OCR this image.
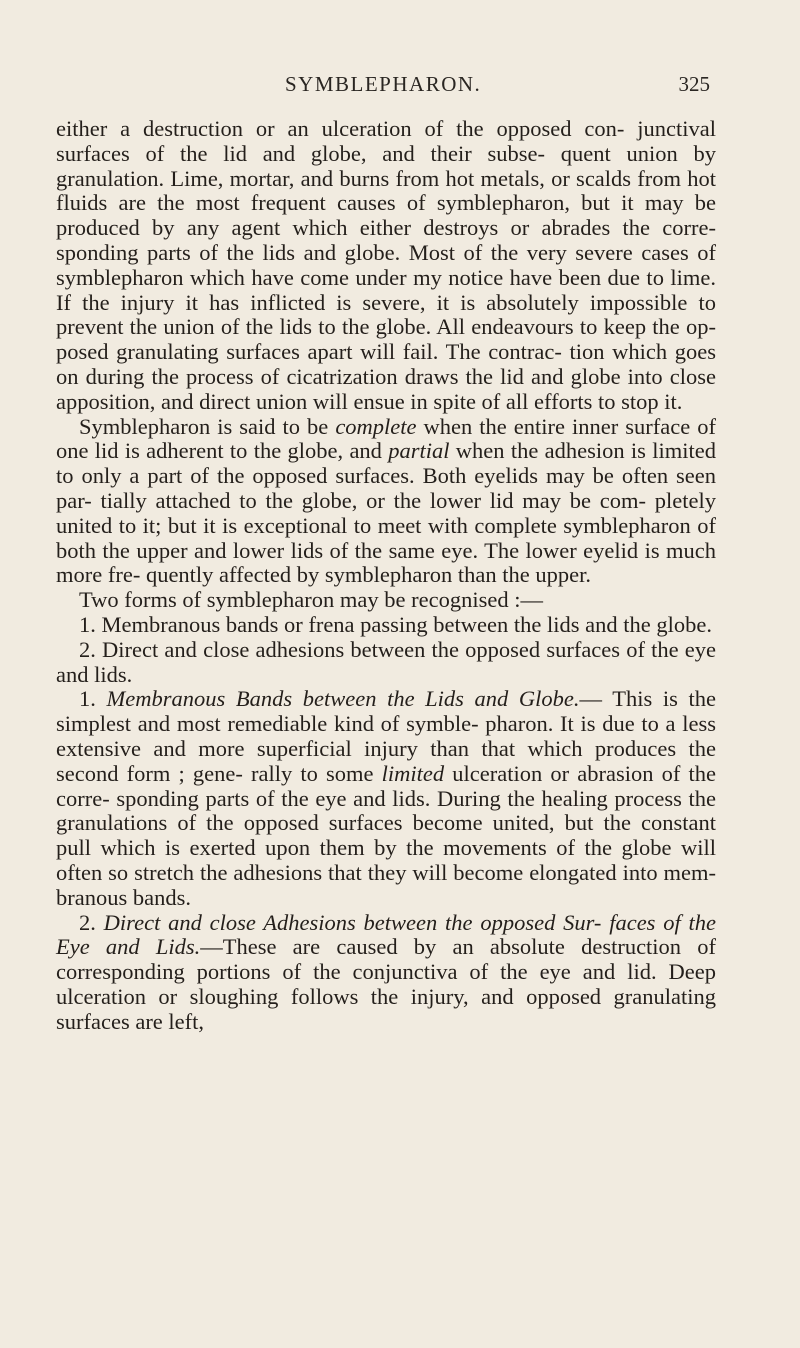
SYMBLEPHARON.	325

either a destruction or an ulceration of the opposed con- junctival surfaces of the lid and globe, and their subse- quent union by granulation. Lime, mortar, and burns from hot metals, or scalds from hot fluids are the most frequent causes of symblepharon, but it may be produced by any agent which either destroys or abrades the corre- sponding parts of the lids and globe. Most of the very severe cases of symblepharon which have come under my notice have been due to lime. If the injury it has inflicted is severe, it is absolutely impossible to prevent the union of the lids to the globe. All endeavours to keep the op- posed granulating surfaces apart will fail. The contrac- tion which goes on during the process of cicatrization draws the lid and globe into close apposition, and direct union will ensue in spite of all efforts to stop it.

Symblepharon is said to be complete when the entire inner surface of one lid is adherent to the globe, and partial when the adhesion is limited to only a part of the opposed surfaces. Both eyelids may be often seen par- tially attached to the globe, or the lower lid may be com- pletely united to it; but it is exceptional to meet with complete symblepharon of both the upper and lower lids of the same eye. The lower eyelid is much more fre- quently affected by symblepharon than the upper.

Two forms of symblepharon may be recognised :—

1. Membranous bands or frena passing between the lids and the globe.

2. Direct and close adhesions between the opposed surfaces of the eye and lids.

1. Membranous Bands between the Lids and Globe.— This is the simplest and most remediable kind of symble- pharon. It is due to a less extensive and more superficial injury than that which produces the second form ; gene- rally to some limited ulceration or abrasion of the corre- sponding parts of the eye and lids. During the healing process the granulations of the opposed surfaces become united, but the constant pull which is exerted upon them by the movements of the globe will often so stretch the adhesions that they will become elongated into mem- branous bands.

2. Direct and close Adhesions between the opposed Sur- faces of the Eye and Lids.—These are caused by an absolute destruction of corresponding portions of the conjunctiva of the eye and lid. Deep ulceration or sloughing follows the injury, and opposed granulating surfaces are left,
